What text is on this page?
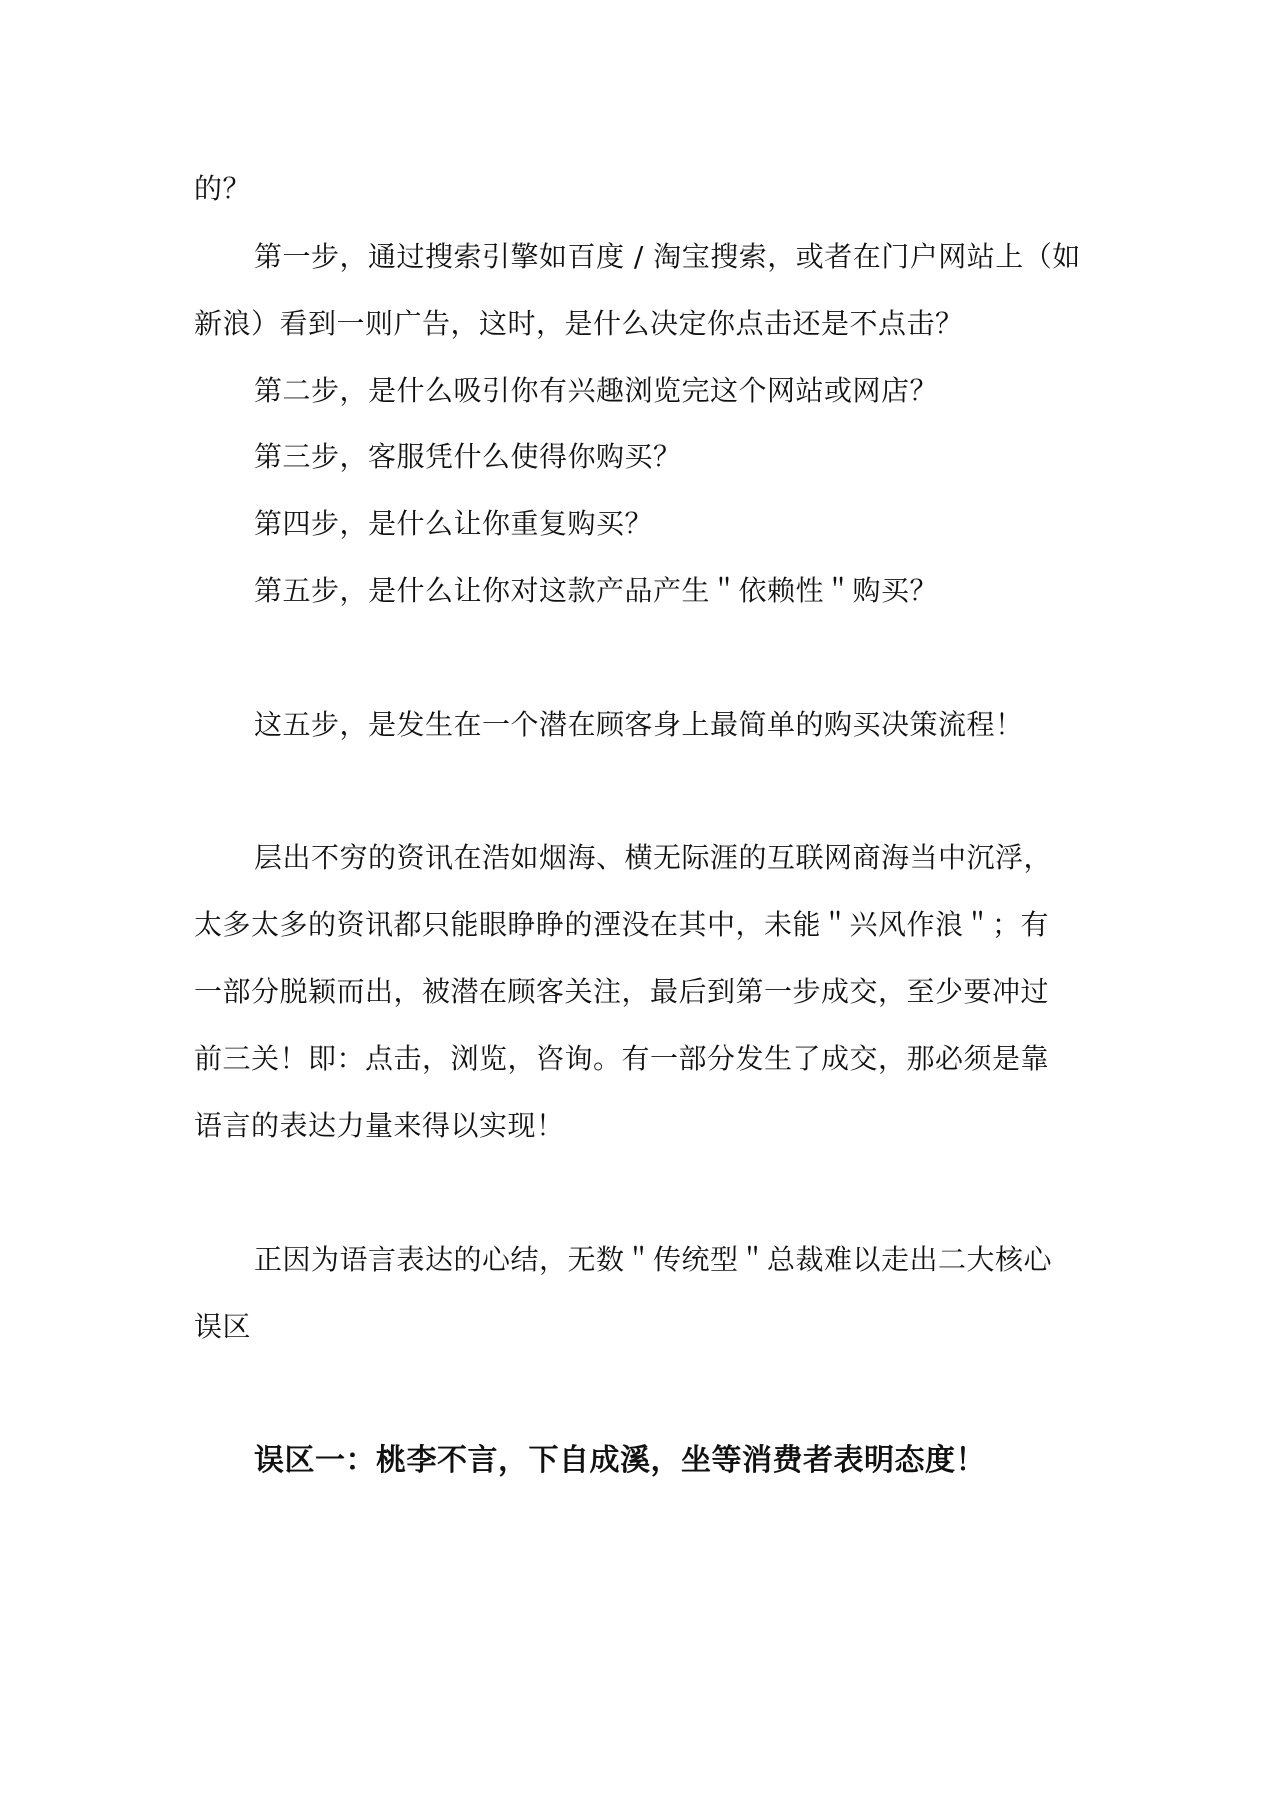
的？

第一步，通过搜索引擎如百度 / 淘宝搜索，或者在门户网站上（如

新浪）看到一则广告，这时，是什么决定你点击还是不点击？

第二步，是什么吸引你有兴趣浏览完这个网站或网店？

第三步，客服凭什么使得你购买？

第四步，是什么让你重复购买？

第五步，是什么让你对这款产品产生＂依赖性＂购买？

这五步，是发生在一个潜在顾客身上最简单的购买决策流程！

层出不穷的资讯在浩如烟海、横无际涯的互联网商海当中沉浮，

太多太多的资讯都只能眼睁睁的湮没在其中，未能＂兴风作浪＂；有

一部分脱颖而出，被潜在顾客关注，最后到第一步成交，至少要冲过

前三关！即：点击，浏览，咨询。有一部分发生了成交，那必须是靠

语言的表达力量来得以实现！

正因为语言表达的心结，无数＂传统型＂总裁难以走出二大核心

误区

误区一：桃李不言，下自成溪，坐等消费者表明态度！
